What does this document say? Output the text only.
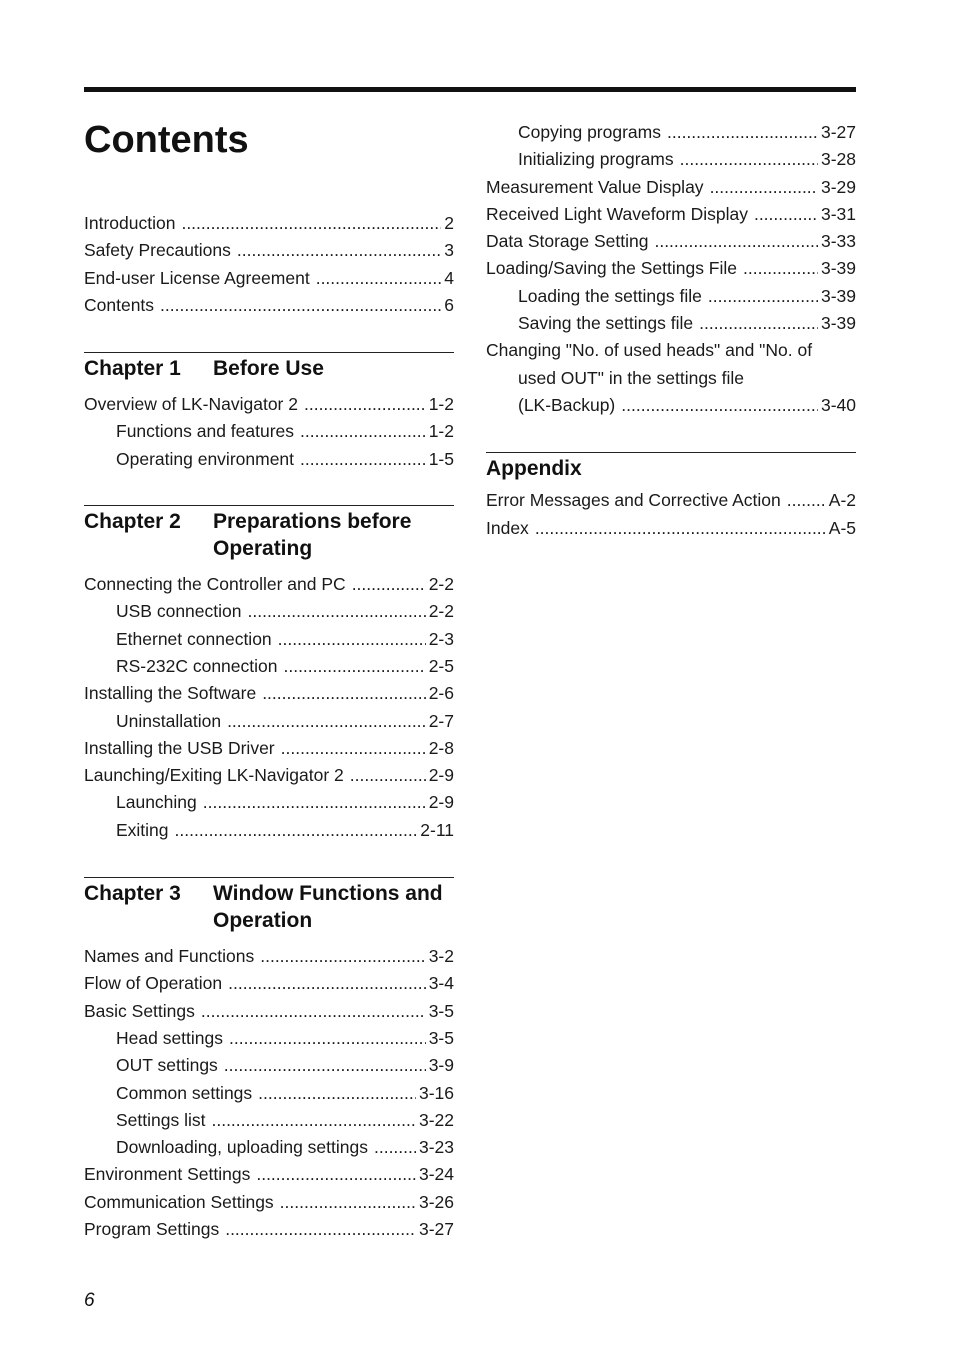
Contents
Introduction .....	2
Safety Precautions .....	3
End-user License Agreement .....	4
Contents .....	6
Chapter 1	Before Use
Overview of LK-Navigator 2 .....	1-2
Functions and features .....	1-2
Operating environment .....	1-5
Chapter 2	Preparations before Operating
Connecting the Controller and PC .....	2-2
USB connection .....	2-2
Ethernet connection .....	2-3
RS-232C connection .....	2-5
Installing the Software .....	2-6
Uninstallation .....	2-7
Installing the USB Driver .....	2-8
Launching/Exiting LK-Navigator 2 .....	2-9
Launching .....	2-9
Exiting .....	2-11
Chapter 3	Window Functions and Operation
Names and Functions .....	3-2
Flow of Operation .....	3-4
Basic Settings .....	3-5
Head settings .....	3-5
OUT settings .....	3-9
Common settings .....	3-16
Settings list .....	3-22
Downloading, uploading settings .....	3-23
Environment Settings .....	3-24
Communication Settings .....	3-26
Program Settings .....	3-27
Copying programs .....	3-27
Initializing programs .....	3-28
Measurement Value Display .....	3-29
Received Light Waveform Display .....	3-31
Data Storage Setting .....	3-33
Loading/Saving the Settings File .....	3-39
Loading the settings file .....	3-39
Saving the settings file .....	3-39
Changing "No. of used heads" and "No. of
used OUT" in the settings file
(LK-Backup) .....	3-40
Appendix
Error Messages and Corrective Action .....	A-2
Index .....	A-5
6
